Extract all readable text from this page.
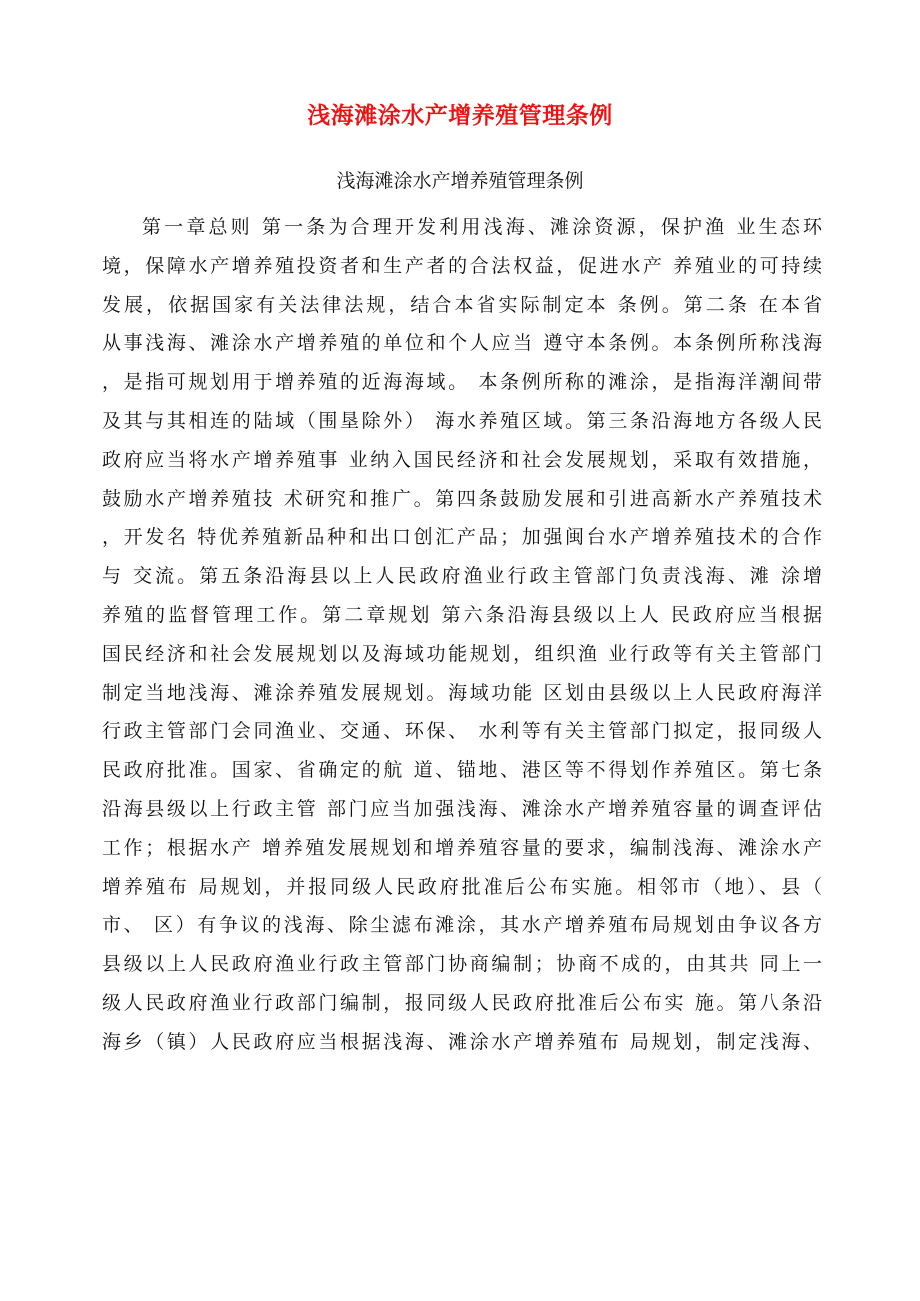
浅海滩涂水产增养殖管理条例
浅海滩涂水产增养殖管理条例
第一章总则 第一条为合理开发利用浅海、滩涂资源，保护渔 业生态环
境，保障水产增养殖投资者和生产者的合法权益，促进水产 养殖业的可持续
发展，依据国家有关法律法规，结合本省实际制定本 条例。第二条 在本省
从事浅海、滩涂水产增养殖的单位和个人应当 遵守本条例。本条例所称浅海
，是指可规划用于增养殖的近海海域。 本条例所称的滩涂，是指海洋潮间带
及其与其相连的陆域（围垦除外） 海水养殖区域。第三条沿海地方各级人民
政府应当将水产增养殖事 业纳入国民经济和社会发展规划，采取有效措施，
鼓励水产增养殖技 术研究和推广。第四条鼓励发展和引进高新水产养殖技术
，开发名 特优养殖新品种和出口创汇产品；加强闽台水产增养殖技术的合作
与 交流。第五条沿海县以上人民政府渔业行政主管部门负责浅海、滩 涂增
养殖的监督管理工作。第二章规划 第六条沿海县级以上人 民政府应当根据
国民经济和社会发展规划以及海域功能规划，组织渔 业行政等有关主管部门
制定当地浅海、滩涂养殖发展规划。海域功能 区划由县级以上人民政府海洋
行政主管部门会同渔业、交通、环保、 水利等有关主管部门拟定，报同级人
民政府批准。国家、省确定的航 道、锚地、港区等不得划作养殖区。第七条
沿海县级以上行政主管 部门应当加强浅海、滩涂水产增养殖容量的调查评估
工作；根据水产 增养殖发展规划和增养殖容量的要求，编制浅海、滩涂水产
增养殖布 局规划，并报同级人民政府批准后公布实施。相邻市（地）、县（
市、 区）有争议的浅海、除尘滤布滩涂，其水产增养殖布局规划由争议各方
县级以上人民政府渔业行政主管部门协商编制；协商不成的，由其共 同上一
级人民政府渔业行政部门编制，报同级人民政府批准后公布实 施。第八条沿
海乡（镇）人民政府应当根据浅海、滩涂水产增养殖布 局规划，制定浅海、
